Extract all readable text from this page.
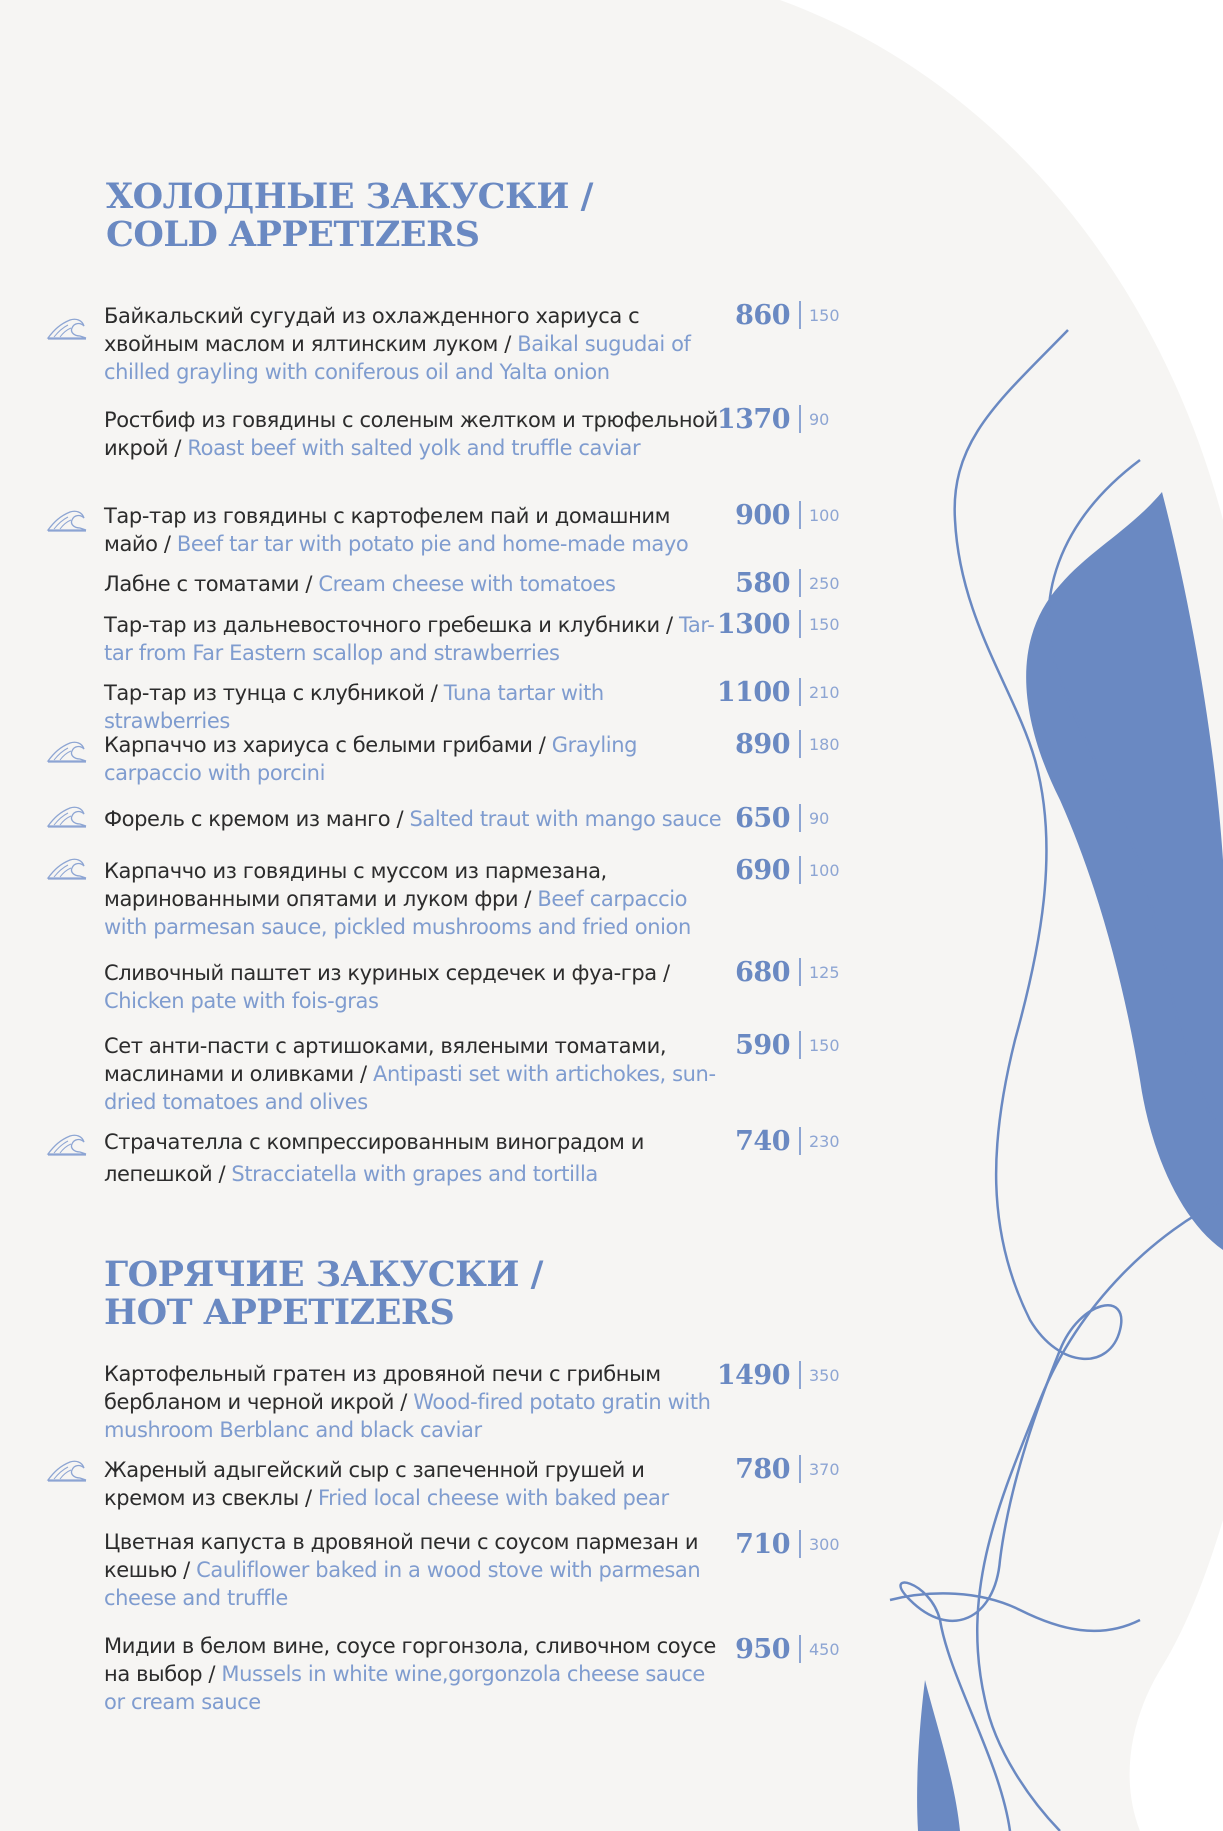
ХОЛОДНЫЕ ЗАКУСКИ /
COLD APPETIZERS
Байкальский сугудай из охлажденного хариуса с хвойным маслом и ялтинским луком / Baikal sugudai of chilled grayling with coniferous oil and Yalta onion
860 150
Ростбиф из говядины с соленым желтком и трюфельной икрой / Roast beef with salted yolk and truffle caviar
1370 90
Тар-тар из говядины с картофелем пай и домашним майо / Beef tar tar with potato pie and home-made mayo
900 100
Лабне с томатами / Cream cheese with tomatoes	580 250
Тар-тар из дальневосточного гребешка и клубники / Tar-tar from Far Eastern scallop and strawberries
1300 150
Тар-тар из тунца с клубникой / Tuna tartar with strawberries
1100 210
Карпаччо из хариуса с белыми грибами / Grayling carpaccio with porcini
890 180
Форель с кремом из манго / Salted traut with mango sauce 650 90
Карпаччо из говядины с муссом из пармезана, маринованными опятами и луком фри / Beef carpaccio with parmesan sauce, pickled mushrooms and fried onion
690 100
Сливочный паштет из куриных сердечек и фуа-гра / Chicken pate with fois-gras
680 125
Сет анти-пасти с артишоками, вялеными томатами, маслинами и оливками / Antipasti set with artichokes, sun-dried tomatoes and olives
590 150
Страчателла с компрессированным виноградом и лепешкой / Stracciatella with grapes and tortilla
740 230
ГОРЯЧИЕ ЗАКУСКИ /
HOT APPETIZERS
Картофельный гратен из дровяной печи с грибным бербланом и черной икрой / Wood-fired potato gratin with mushroom Berblanc and black caviar
1490 350
Жареный адыгейский сыр с запеченной грушей и кремом из свеклы / Fried local cheese with baked pear
780 370
Цветная капуста в дровяной печи с соусом пармезан и кешью / Cauliflower baked in a wood stove with parmesan cheese and truffle
710 300
Мидии в белом вине, соусе горгонзола, сливочном соусе на выбор / Mussels in white wine,gorgonzola cheese sauce or cream sauce
950 450
